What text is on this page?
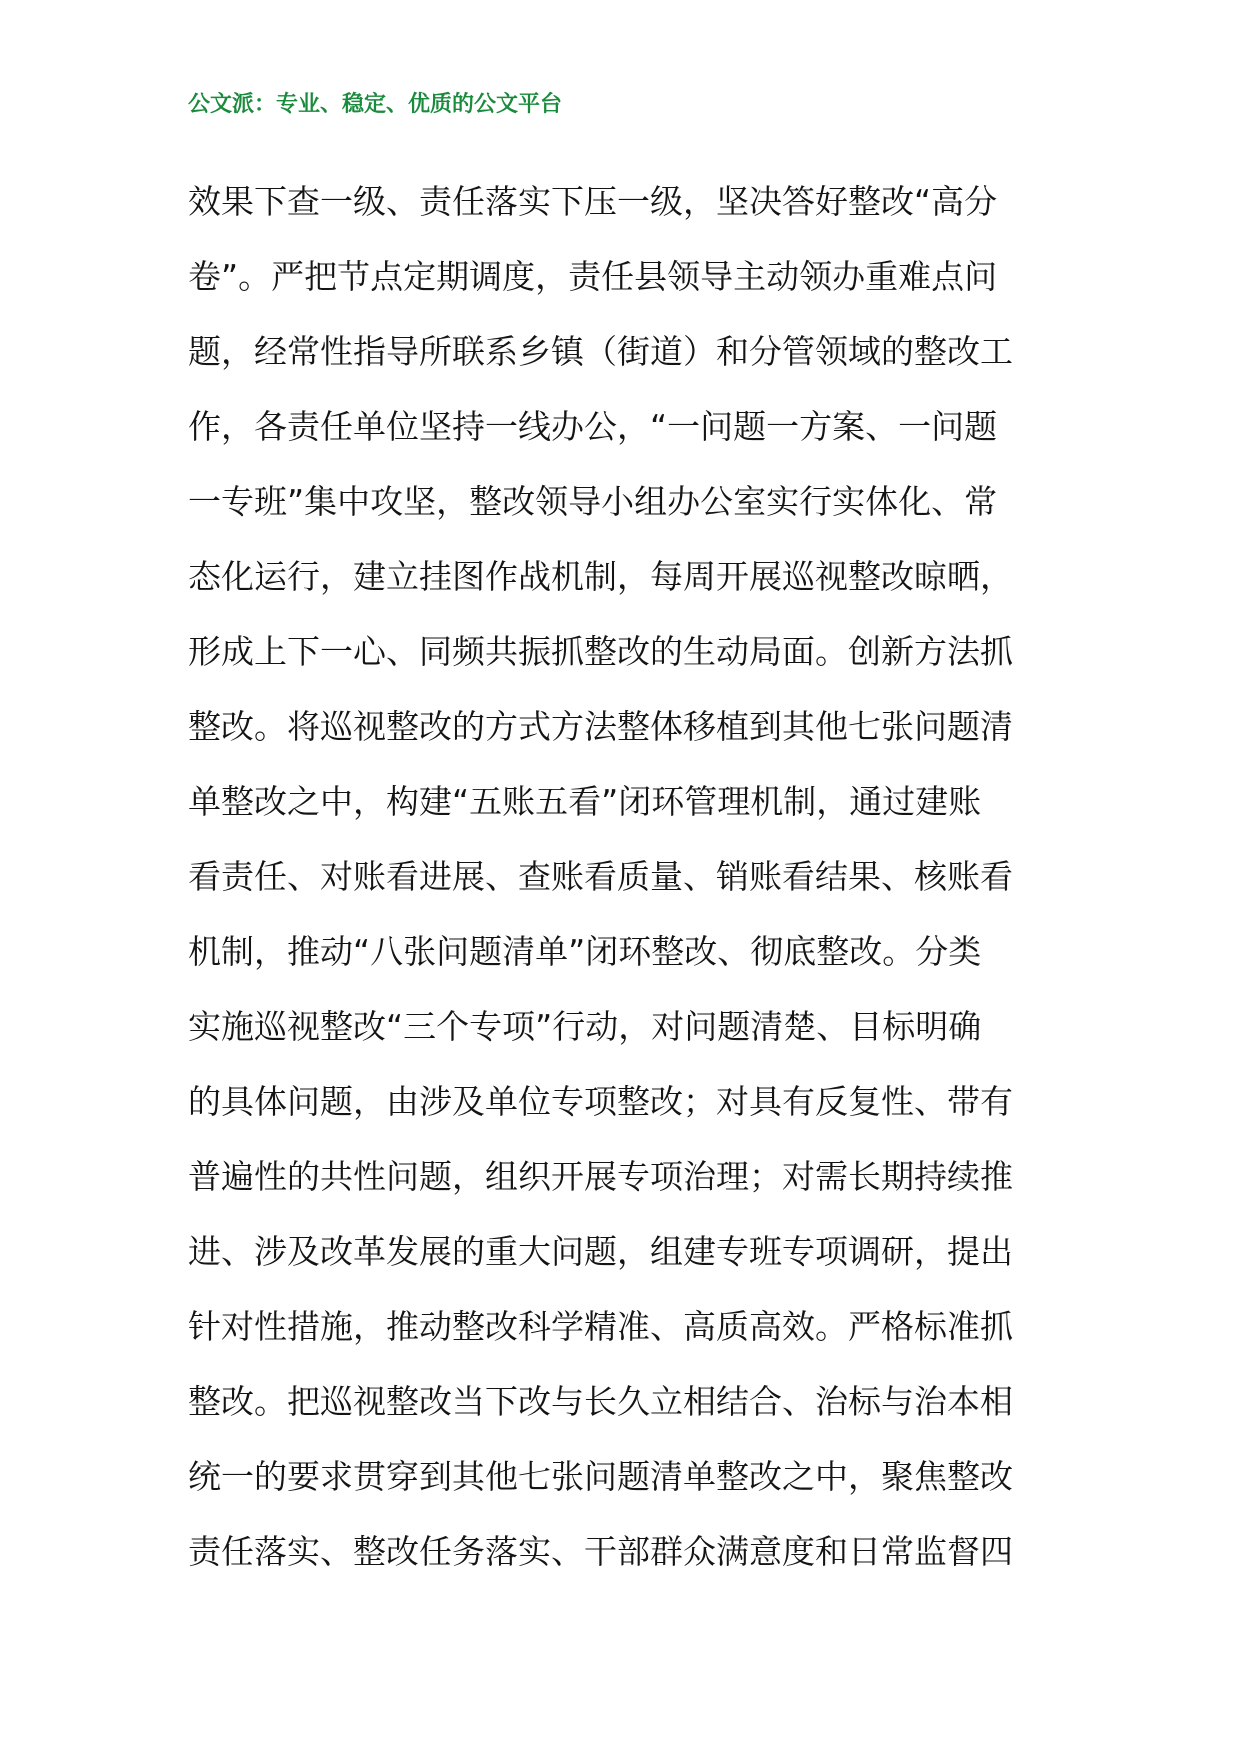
公文派：专业、稳定、优质的公文平台
效果下查一级、责任落实下压一级，坚决答好整改“高分
卷”。严把节点定期调度，责任县领导主动领办重难点问
题，经常性指导所联系乡镇（街道）和分管领域的整改工
作，各责任单位坚持一线办公，“一问题一方案、一问题
一专班”集中攻坚，整改领导小组办公室实行实体化、常
态化运行，建立挂图作战机制，每周开展巡视整改晾晒，
形成上下一心、同频共振抓整改的生动局面。创新方法抓
整改。将巡视整改的方式方法整体移植到其他七张问题清
单整改之中，构建“五账五看”闭环管理机制，通过建账
看责任、对账看进展、查账看质量、销账看结果、核账看
机制，推动“八张问题清单”闭环整改、彻底整改。分类
实施巡视整改“三个专项”行动，对问题清楚、目标明确
的具体问题，由涉及单位专项整改；对具有反复性、带有
普遍性的共性问题，组织开展专项治理；对需长期持续推
进、涉及改革发展的重大问题，组建专班专项调研，提出
针对性措施，推动整改科学精准、高质高效。严格标准抓
整改。把巡视整改当下改与长久立相结合、治标与治本相
统一的要求贯穿到其他七张问题清单整改之中，聚焦整改
责任落实、整改任务落实、干部群众满意度和日常监督四
